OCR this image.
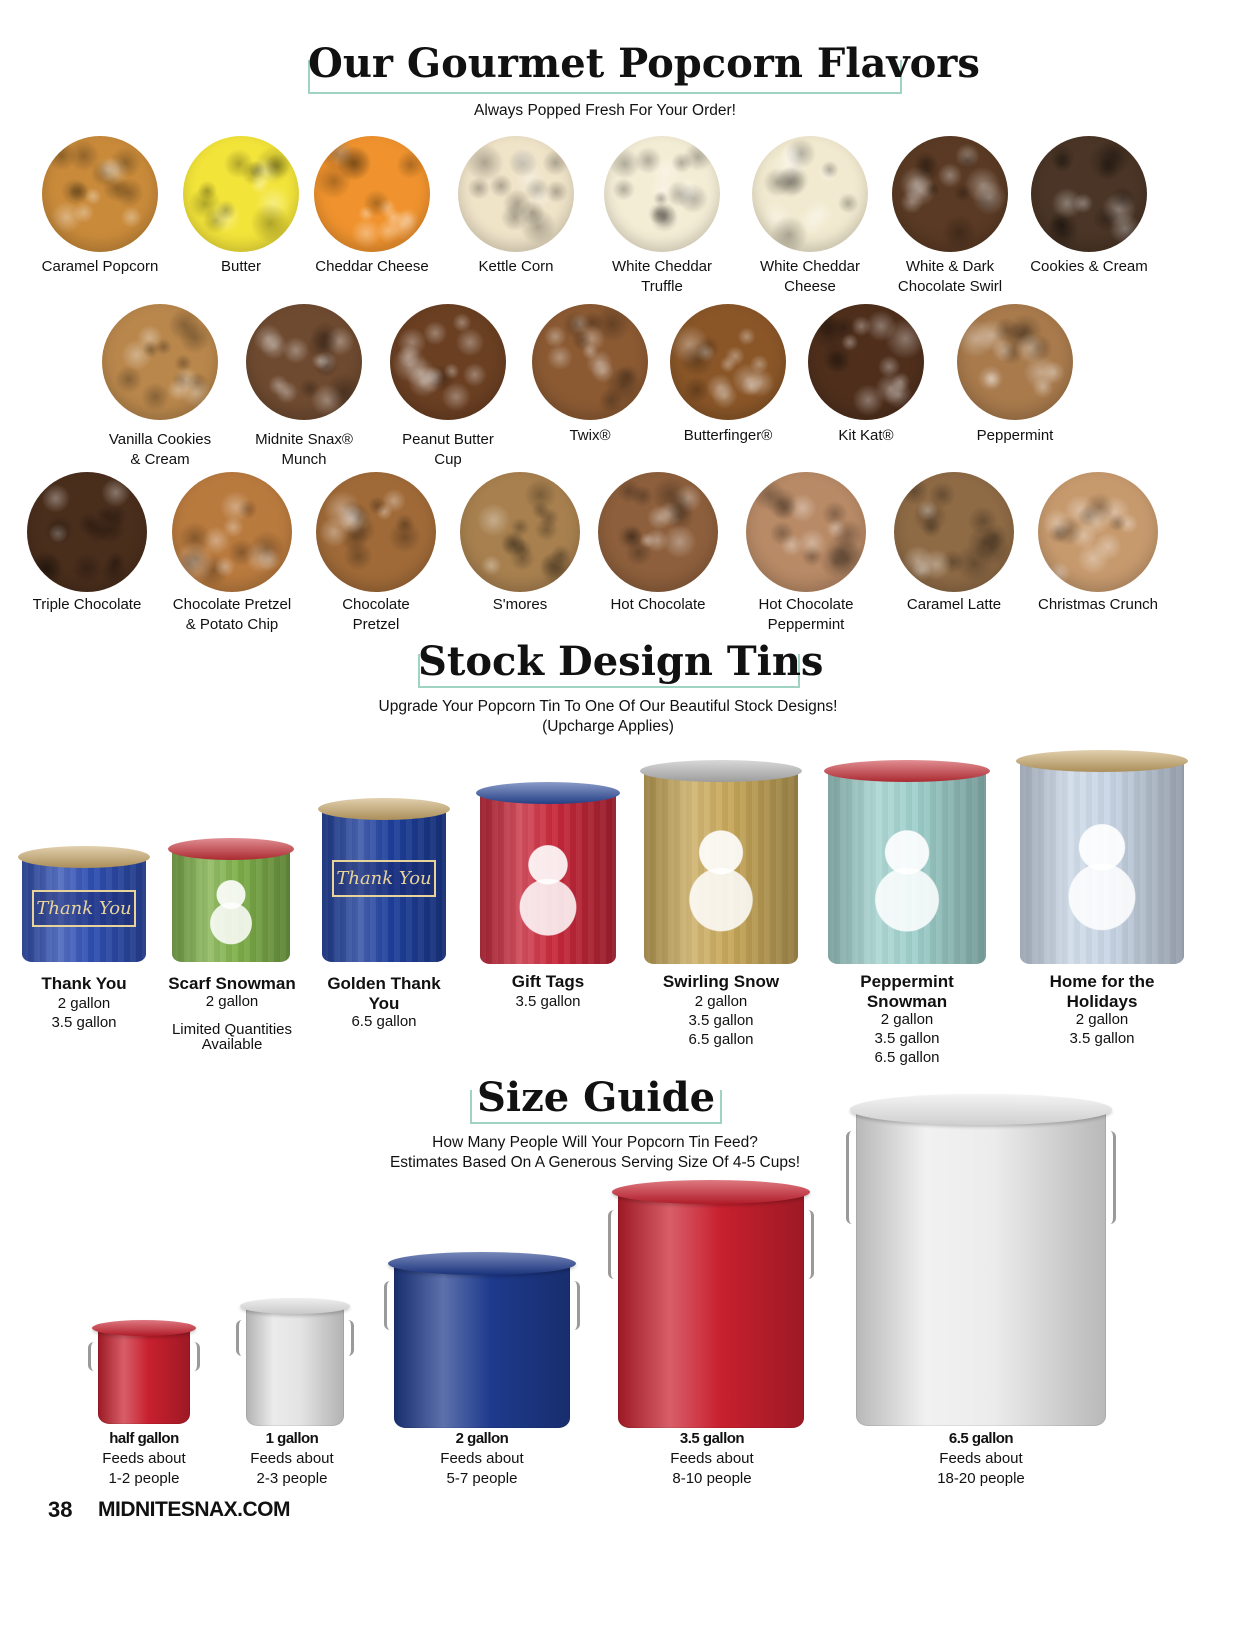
Our Gourmet Popcorn Flavors
Always Popped Fresh For Your Order!
Caramel Popcorn	Butter	Cheddar Cheese	Kettle Corn	White Cheddar
Truffle
White Cheddar
Cheese
White & Dark
Chocolate Swirl
Cookies & Cream
Vanilla Cookies
& Cream
Midnite Snax®
Munch
Peanut Butter
Cup
Twix®	Butterfinger®	Kit Kat®	Peppermint
Triple Chocolate	Chocolate Pretzel
& Potato Chip
Chocolate
Pretzel
S'mores	Hot Chocolate	Hot Chocolate
Peppermint
Caramel Latte	Christmas Crunch
Stock Design Tins
Upgrade Your Popcorn Tin To One Of Our Beautiful Stock Designs!
(Upcharge Applies)
Thank You
Thank You
2 gallon
3.5 gallon
Scarf Snowman
2 gallon
Limited Quantities
Available
Thank You
Golden Thank You
6.5 gallon
Gift Tags
3.5 gallon
Swirling Snow
2 gallon
3.5 gallon
6.5 gallon
Peppermint Snowman
2 gallon
3.5 gallon
6.5 gallon
Home for the Holidays
2 gallon
3.5 gallon
Size Guide
How Many People Will Your Popcorn Tin Feed?
Estimates Based On A Generous Serving Size Of 4-5 Cups!
half gallon
Feeds about
1-2 people
1 gallon
Feeds about
2-3 people
2 gallon
Feeds about
5-7 people
3.5 gallon
Feeds about
8-10 people
6.5 gallon
Feeds about
18-20 people
38 MIDNITESNAX.COM
